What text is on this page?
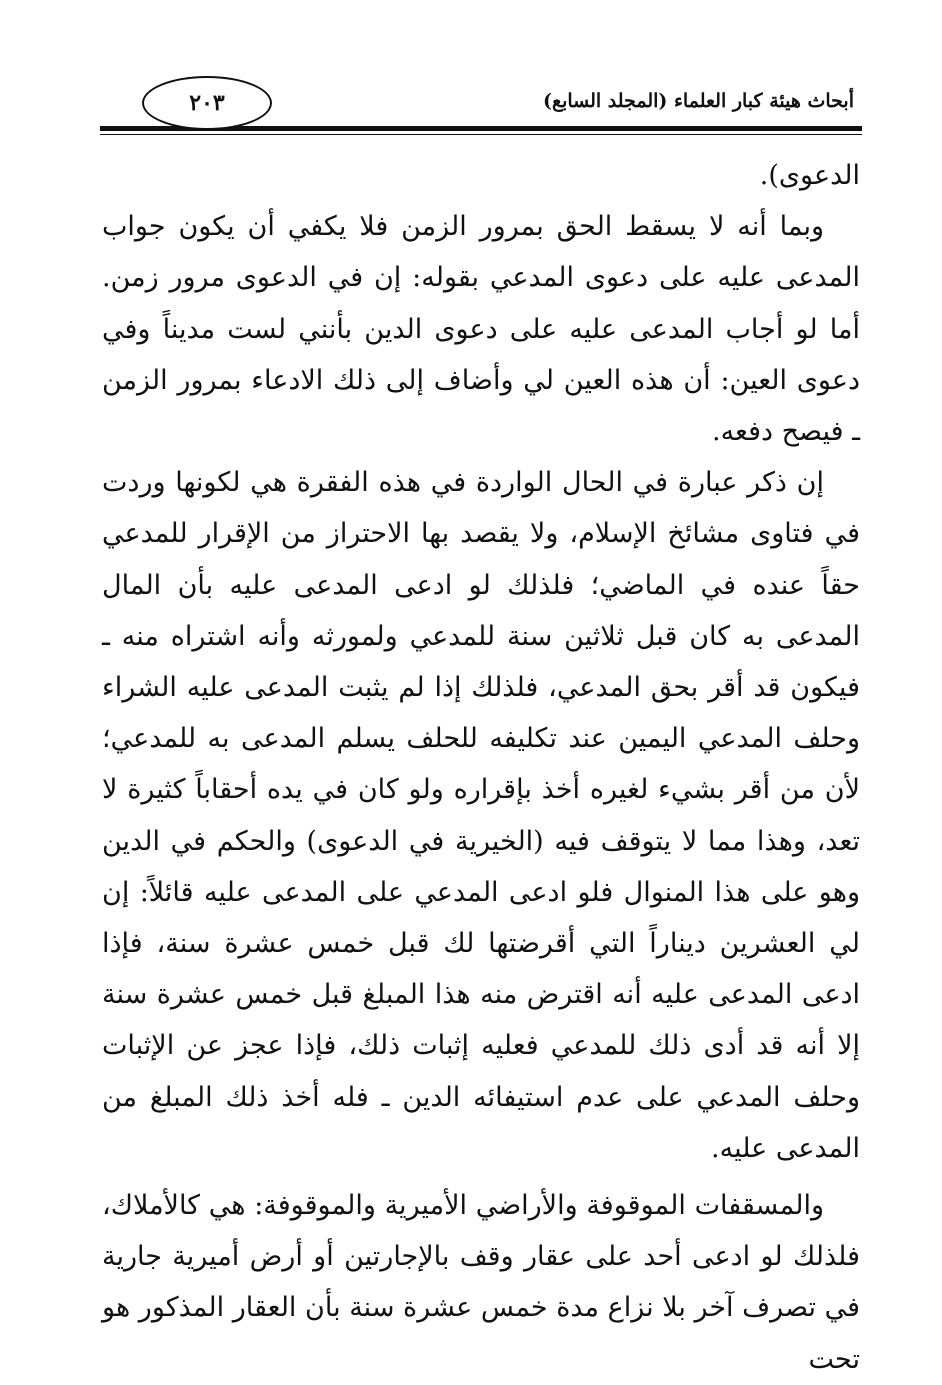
أبحاث هيئة كبار العلماء (المجلد السابع)
٢٠٣

الدعوى).

وبما أنه لا يسقط الحق بمرور الزمن فلا يكفي أن يكون جواب المدعى عليه على دعوى المدعي بقوله: إن في الدعوى مرور زمن. أما لو أجاب المدعى عليه على دعوى الدين بأنني لست مديناً وفي دعوى العين: أن هذه العين لي وأضاف إلى ذلك الادعاء بمرور الزمن ـ فيصح دفعه.

إن ذكر عبارة في الحال الواردة في هذه الفقرة هي لكونها وردت في فتاوى مشائخ الإسلام، ولا يقصد بها الاحتراز من الإقرار للمدعي حقاً عنده في الماضي؛ فلذلك لو ادعى المدعى عليه بأن المال المدعى به كان قبل ثلاثين سنة للمدعي ولمورثه وأنه اشتراه منه ـ فيكون قد أقر بحق المدعي، فلذلك إذا لم يثبت المدعى عليه الشراء وحلف المدعي اليمين عند تكليفه للحلف يسلم المدعى به للمدعي؛ لأن من أقر بشيء لغيره أخذ بإقراره ولو كان في يده أحقاباً كثيرة لا تعد، وهذا مما لا يتوقف فيه (الخيرية في الدعوى) والحكم في الدين وهو على هذا المنوال فلو ادعى المدعي على المدعى عليه قائلاً: إن لي العشرين ديناراً التي أقرضتها لك قبل خمس عشرة سنة، فإذا ادعى المدعى عليه أنه اقترض منه هذا المبلغ قبل خمس عشرة سنة إلا أنه قد أدى ذلك للمدعي فعليه إثبات ذلك، فإذا عجز عن الإثبات وحلف المدعي على عدم استيفائه الدين ـ فله أخذ ذلك المبلغ من المدعى عليه.

والمسقفات الموقوفة والأراضي الأميرية والموقوفة: هي كالأملاك، فلذلك لو ادعى أحد على عقار وقف بالإجارتين أو أرض أميرية جارية في تصرف آخر بلا نزاع مدة خمس عشرة سنة بأن العقار المذكور هو تحت
